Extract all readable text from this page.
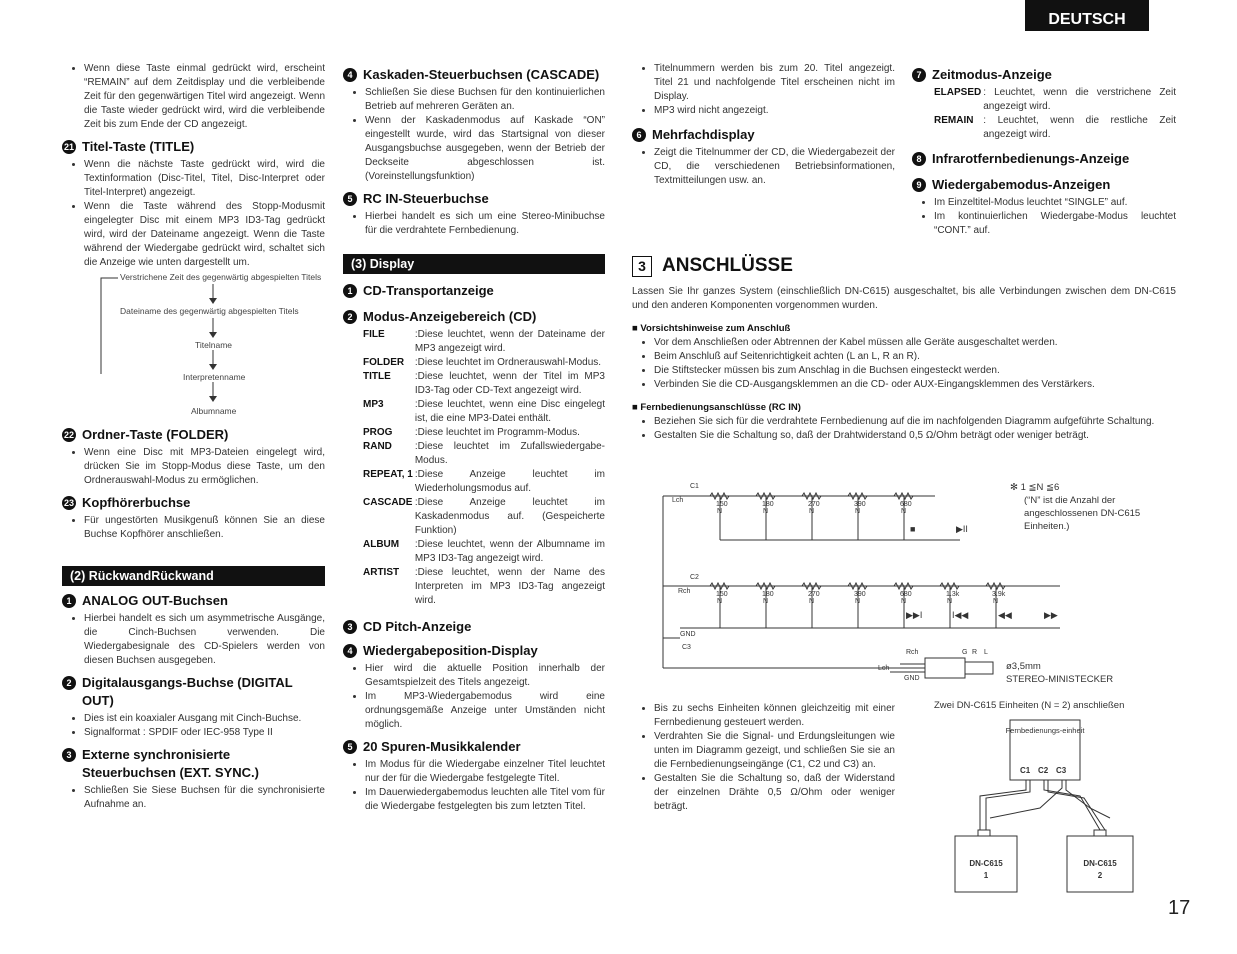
DEUTSCH
• Wenn diese Taste einmal gedrückt wird, erscheint “REMAIN” auf dem Zeitdisplay und die verbleibende Zeit für den gegenwärtigen Titel wird angezeigt. Wenn die Taste wieder gedrückt wird, wird die verbleibende Zeit bis zum Ende der CD angezeigt.
21 Titel-Taste (TITLE)
• Wenn die nächste Taste gedrückt wird, wird die Textinformation (Disc-Titel, Titel, Disc-Interpret oder Titel-Interpret) angezeigt.
• Wenn die Taste während des Stopp-Modusmit eingelegter Disc mit einem MP3 ID3-Tag gedrückt wird, wird der Dateiname angezeigt. Wenn die Taste während der Wiedergabe gedrückt wird, schaltet sich die Anzeige wie unten dargestellt um.
Verstrichene Zeit des gegenwärtig abgespielten Titels
Dateiname des gegenwärtig abgespielten Titels
Titelname
Interpretenname
Albumname
22 Ordner-Taste (FOLDER)
• Wenn eine Disc mit MP3-Dateien eingelegt wird, drücken Sie im Stopp-Modus diese Taste, um den Ordnerauswahl-Modus zu ermöglichen.
23 Kopfhörerbuchse
• Für ungestörten Musikgenuß können Sie an diese Buchse Kopfhörer anschließen.
(2) RückwandRückwand
1 ANALOG OUT-Buchsen
• Hierbei handelt es sich um asymmetrische Ausgänge, die Cinch-Buchsen verwenden. Die Wiedergabesignale des CD-Spielers werden von diesen Buchsen ausgegeben.
2 Digitalausgangs-Buchse (DIGITAL OUT)
• Dies ist ein koaxialer Ausgang mit Cinch-Buchse.
• Signalformat : SPDIF oder IEC-958 Type II
3 Externe synchronisierte Steuerbuchsen (EXT. SYNC.)
• Schließen Sie Siese Buchsen für die synchronisierte Aufnahme an.
4 Kaskaden-Steuerbuchsen (CASCADE)
• Schließen Sie diese Buchsen für den kontinuierlichen Betrieb auf mehreren Geräten an.
• Wenn der Kaskadenmodus auf Kaskade “ON” eingestellt wurde, wird das Startsignal von dieser Ausgangsbuchse ausgegeben, wenn der Betrieb der Deckseite abgeschlossen ist. (Voreinstellungsfunktion)
5 RC IN-Steuerbuchse
• Hierbei handelt es sich um eine Stereo-Minibuchse für die verdrahtete Fernbedienung.
(3) Display
1 CD-Transportanzeige
2 Modus-Anzeigebereich (CD)
FILE	:Diese leuchtet, wenn der Dateiname der MP3 angezeigt wird.
FOLDER	:Diese leuchtet im Ordnerauswahl-Modus.
TITLE	:Diese leuchtet, wenn der Titel im MP3 ID3-Tag oder CD-Text angezeigt wird.
MP3	:Diese leuchtet, wenn eine Disc eingelegt ist, die eine MP3-Datei enthält.
PROG	:Diese leuchtet im Programm-Modus.
RAND	:Diese leuchtet im Zufallswiedergabe-Modus.
REPEAT, 1	:Diese Anzeige leuchtet im Wiederholungsmodus auf.
CASCADE	:Diese Anzeige leuchtet im Kaskadenmodus auf. (Gespeicherte Funktion)
ALBUM	:Diese leuchtet, wenn der Albumname im MP3 ID3-Tag angezeigt wird.
ARTIST	:Diese leuchtet, wenn der Name des Interpreten im MP3 ID3-Tag angezeigt wird.
3 CD Pitch-Anzeige
4 Wiedergabeposition-Display
• Hier wird die aktuelle Position innerhalb der Gesamtspielzeit des Titels angezeigt.
• Im MP3-Wiedergabemodus wird eine ordnungsgemäße Anzeige unter Umständen nicht möglich.
5 20 Spuren-Musikkalender
• Im Modus für die Wiedergabe einzelner Titel leuchtet nur der für die Wiedergabe festgelegte Titel.
• Im Dauerwiedergabemodus leuchten alle Titel vom für die Wiedergabe festgelegten bis zum letzten Titel.
• Titelnummern werden bis zum 20. Titel angezeigt. Titel 21 und nachfolgende Titel erscheinen nicht im Display.
• MP3 wird nicht angezeigt.
6 Mehrfachdisplay
• Zeigt die Titelnummer der CD, die Wiedergabezeit der CD, die verschiedenen Betriebsinformationen, Textmitteilungen usw. an.
7 Zeitmodus-Anzeige
ELAPSED	: Leuchtet, wenn die verstrichene Zeit angezeigt wird.
REMAIN	: Leuchtet, wenn die restliche Zeit angezeigt wird.
8 Infrarotfernbedienungs-Anzeige
9 Wiedergabemodus-Anzeigen
• Im Einzeltitel-Modus leuchtet “SINGLE” auf.
• Im kontinuierlichen Wiedergabe-Modus leuchtet “CONT.” auf.
3 ANSCHLÜSSE
Lassen Sie Ihr ganzes System (einschließlich DN-C615) ausgeschaltet, bis alle Verbindungen zwischen dem DN-C615 und den anderen Komponenten vorgenommen wurden.
■ Vorsichtshinweise zum Anschluß
• Vor dem Anschließen oder Abtrennen der Kabel müssen alle Geräte ausgeschaltet werden.
• Beim Anschluß auf Seitenrichtigkeit achten (L an L, R an R).
• Die Stiftstecker müssen bis zum Anschlag in die Buchsen eingesteckt werden.
• Verbinden Sie die CD-Ausgangsklemmen an die CD- oder AUX-Eingangsklemmen des Verstärkers.
■ Fernbedienungsanschlüsse (RC IN)
• Beziehen Sie sich für die verdrahtete Fernbedienung auf die im nachfolgenden Diagramm aufgeführte Schaltung.
• Gestalten Sie die Schaltung so, daß der Drahtwiderstand 0,5 Ω/Ohm beträgt oder weniger beträgt.
C1
Lch
C2
Rch
GND
C3
150	180	270	390	680
150	180	270	390	680	1.3k	3.9k
Rch
Lch
GND
G R L
■	▶II
▶▶I	I◀◀	◀◀	▶▶
N	N	N	N	N
N	N	N	N	N	N	N
✻ 1 ≦N ≦6
(“N” ist die Anzahl der angeschlossenen DN-C615 Einheiten.)
ø3,5mm
STEREO-MINISTECKER
• Bis zu sechs Einheiten können gleichzeitig mit einer Fernbedienung gesteuert werden.
• Verdrahten Sie die Signal- und Erdungsleitungen wie unten im Diagramm gezeigt, und schließen Sie sie an die Fernbedienungseingänge (C1, C2 und C3) an.
• Gestalten Sie die Schaltung so, daß der Widerstand der einzelnen Drähte 0,5 Ω/Ohm oder weniger beträgt.
Zwei DN-C615 Einheiten (N = 2) anschließen
Fernbedienungs-einheit
C1 C2 C3
DN-C615
1
DN-C615
2
17
